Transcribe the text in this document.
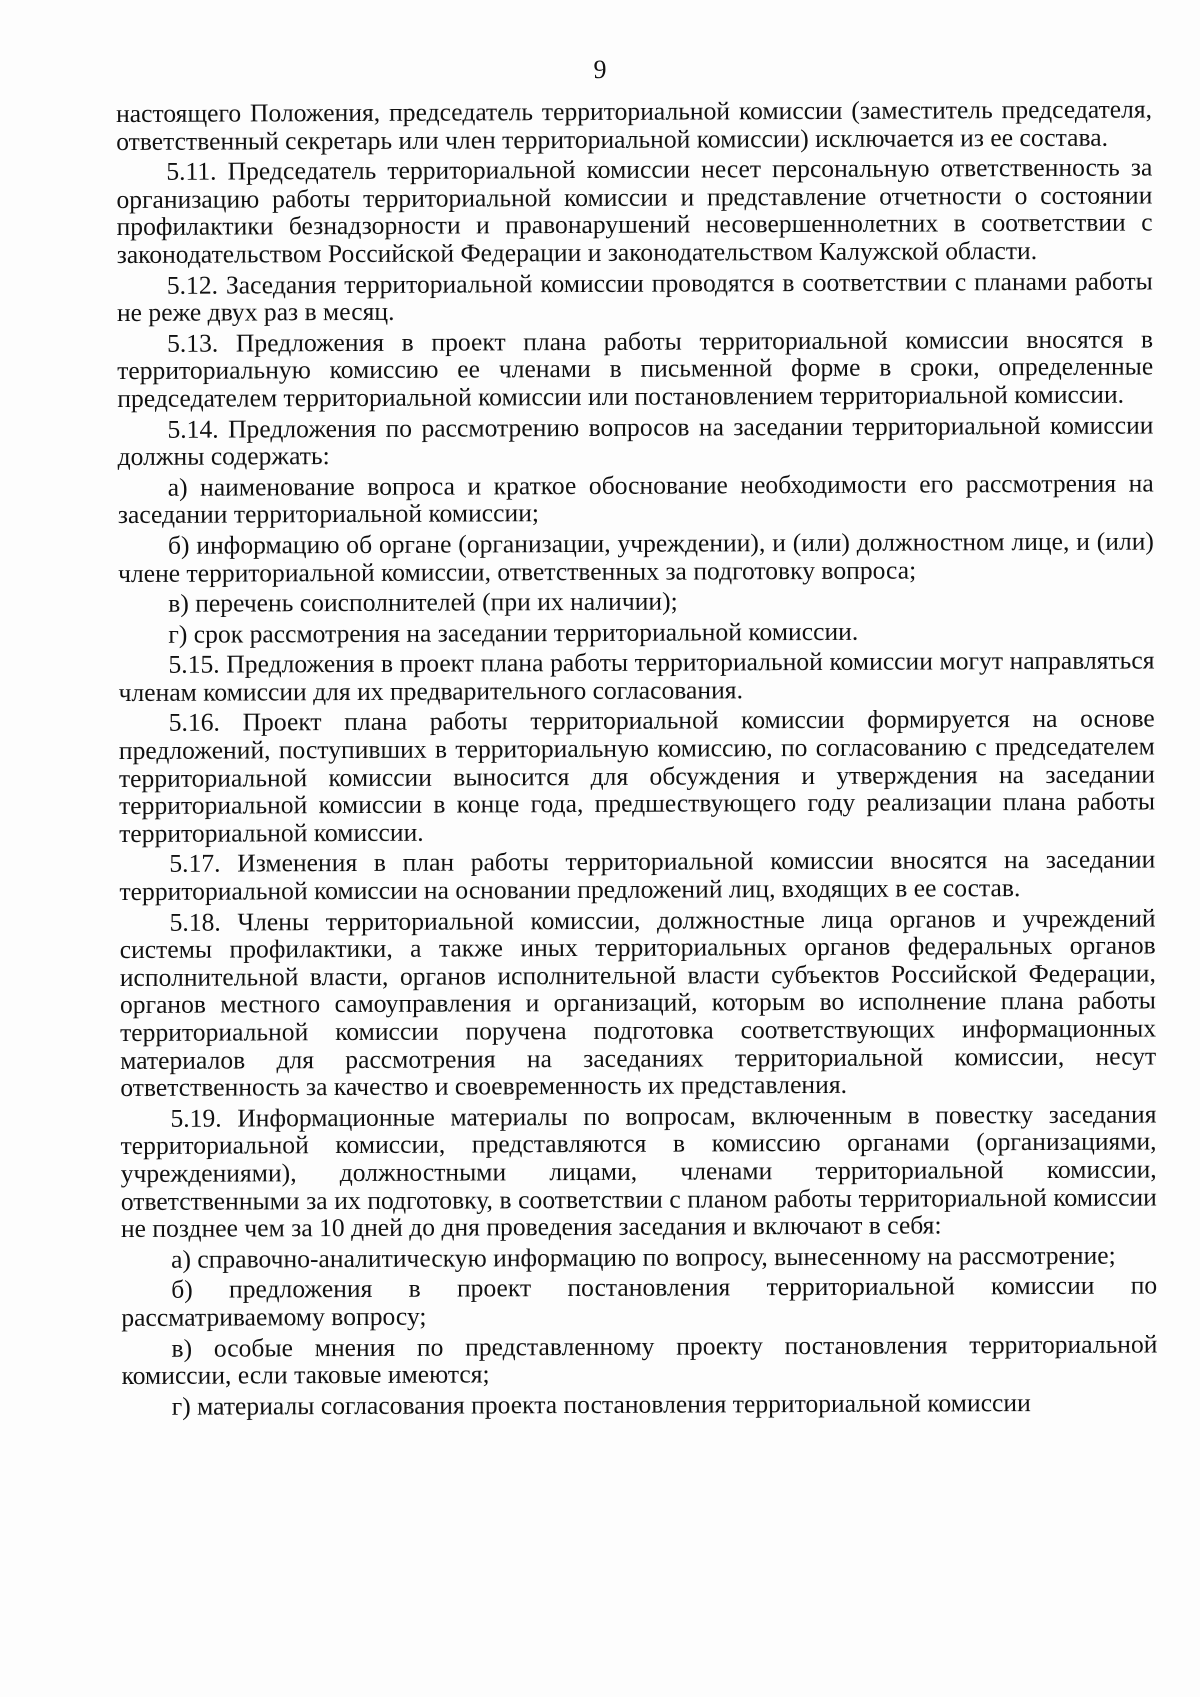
9

настоящего Положения, председатель территориальной комиссии (заместитель председателя, ответственный секретарь или член территориальной комиссии) исключается из ее состава.

5.11. Председатель территориальной комиссии несет персональную ответственность за организацию работы территориальной комиссии и представление отчетности о состоянии профилактики безнадзорности и правонарушений несовершеннолетних в соответствии с законодательством Российской Федерации и законодательством Калужской области.

5.12. Заседания территориальной комиссии проводятся в соответствии с планами работы не реже двух раз в месяц.

5.13. Предложения в проект плана работы территориальной комиссии вносятся в территориальную комиссию ее членами в письменной форме в сроки, определенные председателем территориальной комиссии или постановлением территориальной комиссии.

5.14. Предложения по рассмотрению вопросов на заседании территориальной комиссии должны содержать:

а) наименование вопроса и краткое обоснование необходимости его рассмотрения на заседании территориальной комиссии;

б) информацию об органе (организации, учреждении), и (или) должностном лице, и (или) члене территориальной комиссии, ответственных за подготовку вопроса;

в) перечень соисполнителей (при их наличии);

г) срок рассмотрения на заседании территориальной комиссии.

5.15. Предложения в проект плана работы территориальной комиссии могут направляться членам комиссии для их предварительного согласования.

5.16. Проект плана работы территориальной комиссии формируется на основе предложений, поступивших в территориальную комиссию, по согласованию с председателем территориальной комиссии выносится для обсуждения и утверждения на заседании территориальной комиссии в конце года, предшествующего году реализации плана работы территориальной комиссии.

5.17. Изменения в план работы территориальной комиссии вносятся на заседании территориальной комиссии на основании предложений лиц, входящих в ее состав.

5.18. Члены территориальной комиссии, должностные лица органов и учреждений системы профилактики, а также иных территориальных органов федеральных органов исполнительной власти, органов исполнительной власти субъектов Российской Федерации, органов местного самоуправления и организаций, которым во исполнение плана работы территориальной комиссии поручена подготовка соответствующих информационных материалов для рассмотрения на заседаниях территориальной комиссии, несут ответственность за качество и своевременность их представления.

5.19. Информационные материалы по вопросам, включенным в повестку заседания территориальной комиссии, представляются в комиссию органами (организациями, учреждениями), должностными лицами, членами территориальной комиссии, ответственными за их подготовку, в соответствии с планом работы территориальной комиссии не позднее чем за 10 дней до дня проведения заседания и включают в себя:

а) справочно-аналитическую информацию по вопросу, вынесенному на рассмотрение;

б) предложения в проект постановления территориальной комиссии по рассматриваемому вопросу;

в) особые мнения по представленному проекту постановления территориальной комиссии, если таковые имеются;

г) материалы согласования проекта постановления территориальной комиссии
